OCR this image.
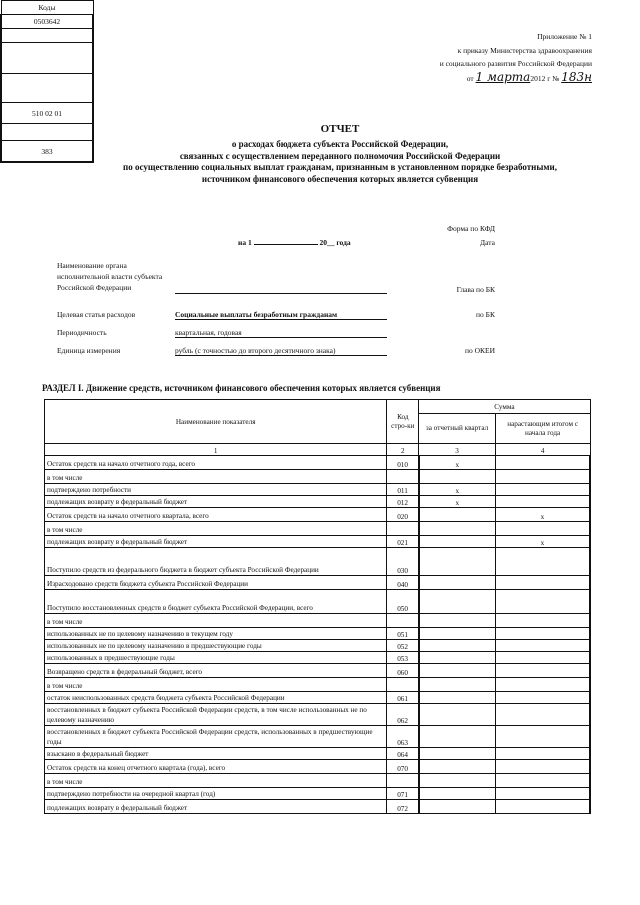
Приложение № 1
к приказу Министерства здравоохранения
и социального развития Российской Федерации
от 1 марта2012 г № 183н
ОТЧЕТ
о расходах бюджета субъекта Российской Федерации,
связанных с осуществлением переданного полномочия Российской Федерации
по осуществлению социальных выплат гражданам, признанным в установленном порядке безработными,
источником финансового обеспечения которых является субвенция
Коды
0503642

510 02 01

383
Форма по КФД
Дата
на 1	20__ года
Наименование органа
исполнительной власти субъекта
Российской Федерации	Глава по БК
Целевая статья расходов	Социальные выплаты безработным гражданам	по БК
Периодичность	квартальная, годовая
Единица измерения	рубль (с точностью до второго десятичного знака)	по ОКЕИ
РАЗДЕЛ I. Движение средств, источником финансового обеспечения которых является субвенция
Наименование показателя	Код стро-ки	Сумма	
		за отчетный квартал	нарастающим итогом с начала года
1	2	3	4
Остаток средств на начало отчетного года, всего	010	х	
в том числе			
подтверждено потребности	011	х	
подлежащих возврату в федеральный бюджет	012	х	
Остаток средств на начало отчетного квартала, всего	020		х
в том числе			
подлежащих возврату в федеральный бюджет	021		х
Поступило средств из федерального бюджета в бюджет субъекта Российской Федерации	030		
Израсходовано средств бюджета субъекта Российской Федерации	040		
Поступило восстановленных средств в бюджет субъекта Российской Федерации, всего	050		
в том числе			
использованных не по целевому назначению в текущем году	051		
использованных не по целевому назначению в предшествующие годы	052		
использованных в предшествующие годы	053		
Возвращено средств в федеральный бюджет, всего	060		
в том числе			
остаток неиспользованных средств бюджета субъекта Российской Федерации	061		
восстановленных в бюджет субъекта Российской Федерации средств, в том числе использованных не по целевому назначению	062		
восстановленных в бюджет субъекта Российской Федерации средств, использованных в предшествующие годы	063		
взыскано в федеральный бюджет	064		
Остаток средств на конец отчетного квартала (года), всего	070		
в том числе			
подтверждено потребности на очередной квартал (год)	071		
подлежащих возврату в федеральный бюджет	072		
